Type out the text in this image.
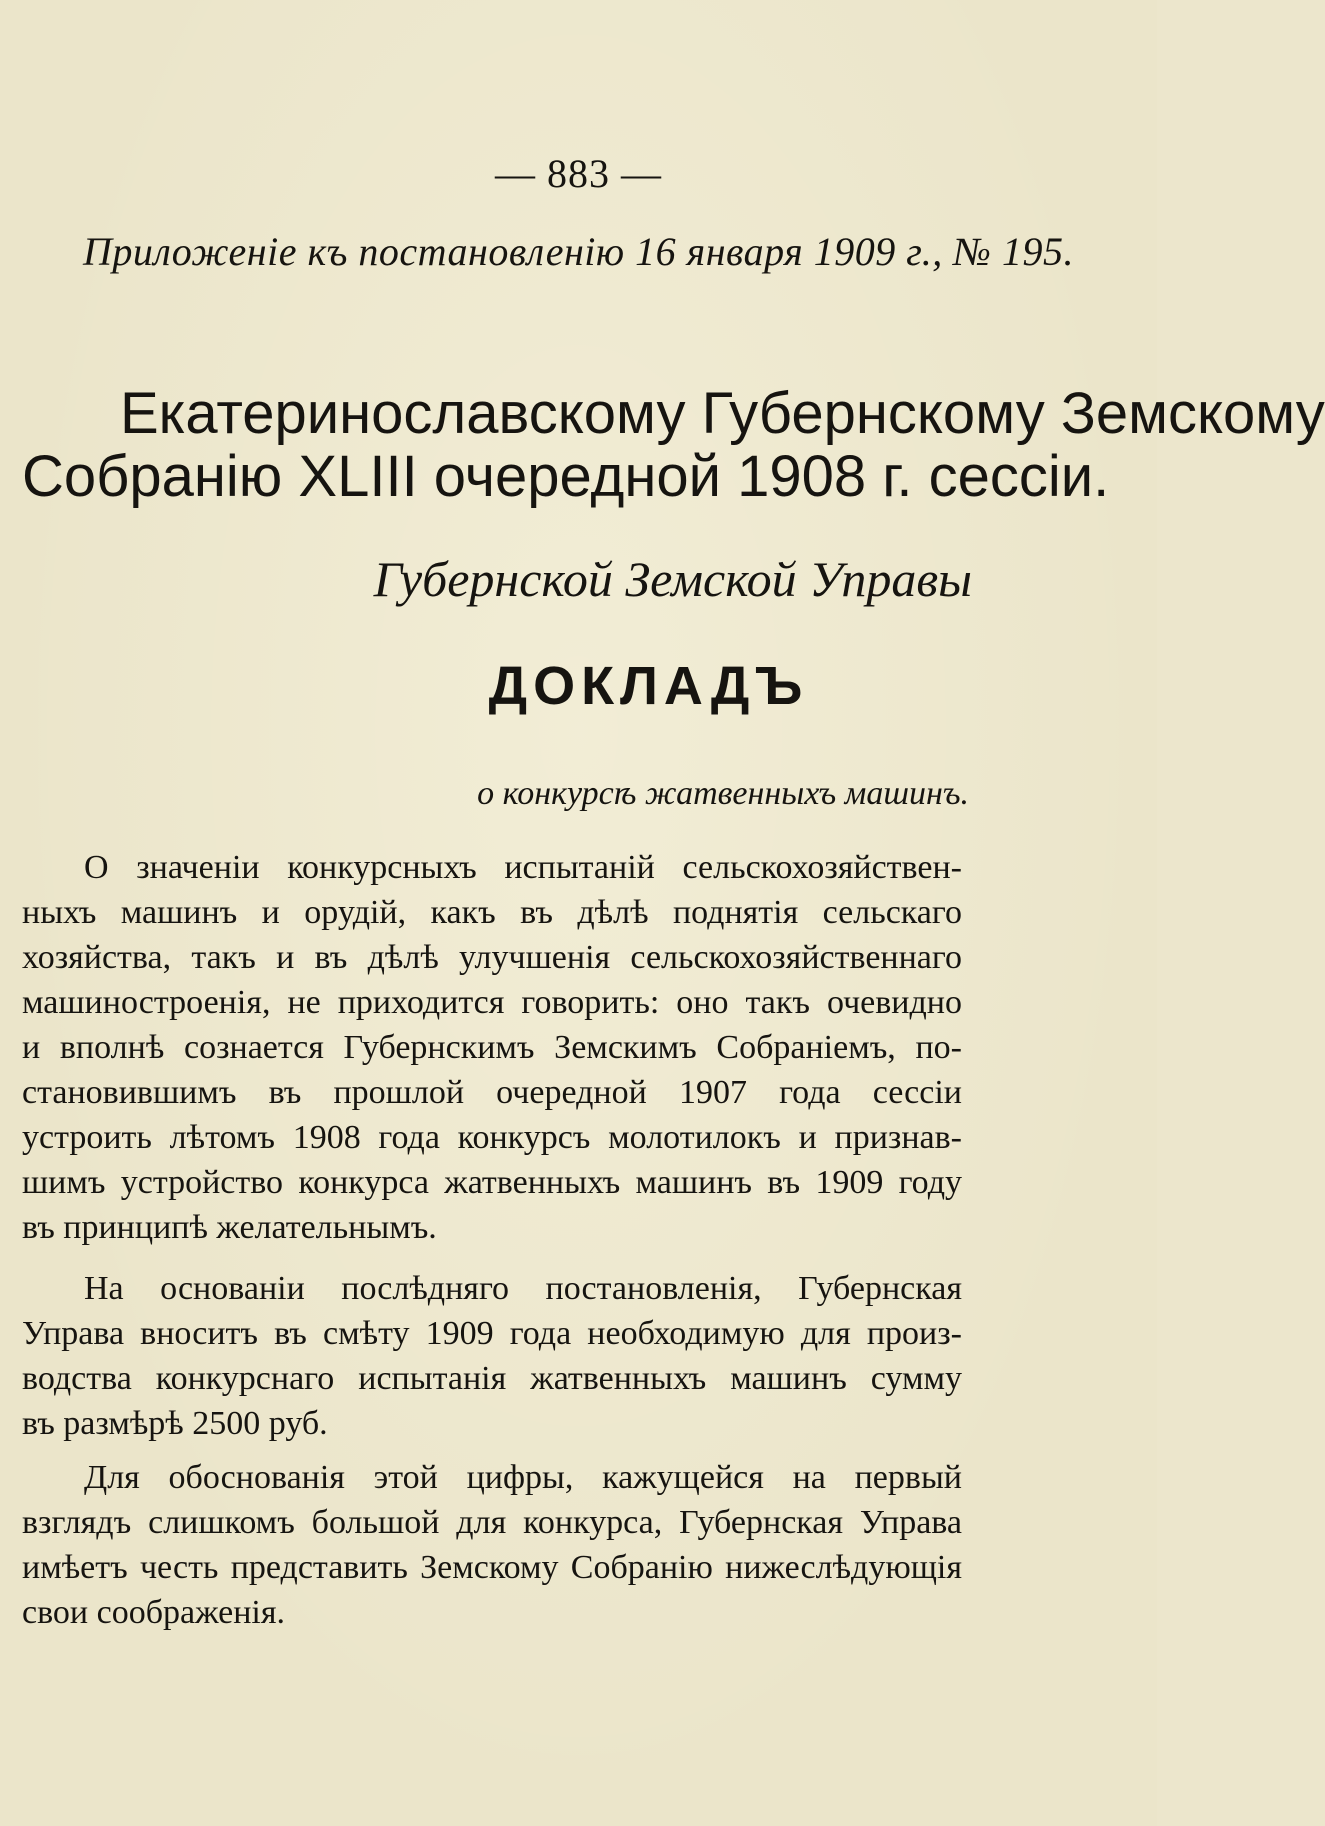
— 883 —
Приложенiе къ постановленiю 16 января 1909 г., № 195.
Екатеринославскому Губернскому Земскому
Собранiю XLIII очередной 1908 г. сессiи.
Губернской Земской Управы
ДОКЛАДЪ
о конкурсѣ жатвенныхъ машинъ.
О значенiи конкурсныхъ испытанiй сельскохозяйствен-
ныхъ машинъ и орудiй, какъ въ дѣлѣ поднятiя сельскаго
хозяйства, такъ и въ дѣлѣ улучшенiя сельскохозяйственнаго
машиностроенiя, не приходится говорить: оно такъ очевидно
и вполнѣ сознается Губернскимъ Земскимъ Собранiемъ, по-
становившимъ въ прошлой очередной 1907 года сессiи
устроить лѣтомъ 1908 года конкурсъ молотилокъ и признав-
шимъ устройство конкурса жатвенныхъ машинъ въ 1909 году
въ принципѣ желательнымъ.
На основанiи послѣдняго постановленiя, Губернская
Управа вноситъ въ смѣту 1909 года необходимую для произ-
водства конкурснаго испытанiя жатвенныхъ машинъ сумму
въ размѣрѣ 2500 руб.
Для обоснованiя этой цифры, кажущейся на первый
взглядъ слишкомъ большой для конкурса, Губернская Управа
имѣетъ честь представить Земскому Собранiю нижеслѣдующiя
свои соображенiя.
